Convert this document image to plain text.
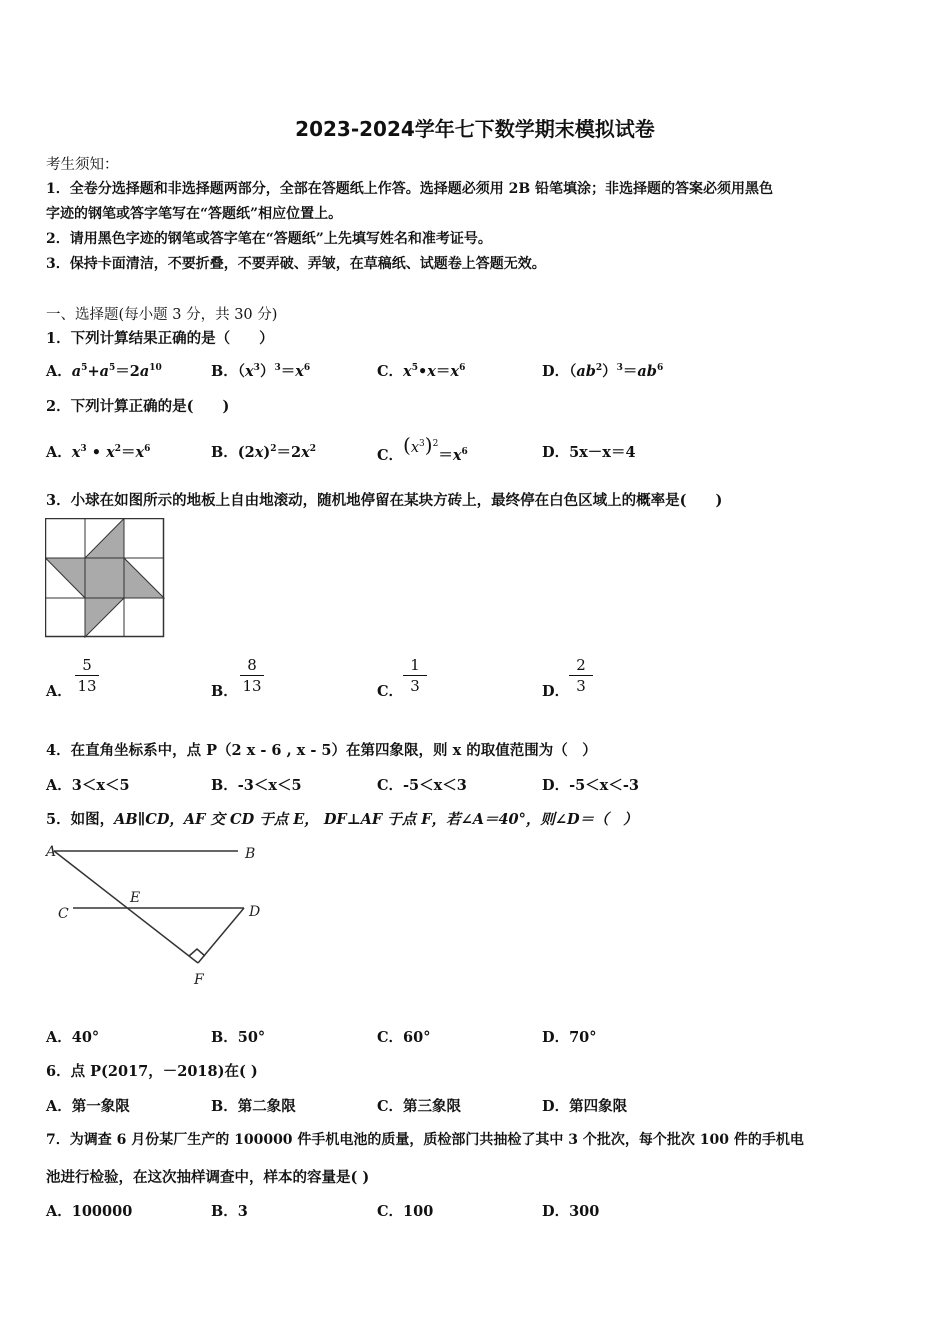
2023-2024学年七下数学期末模拟试卷
考生须知：
1．全卷分选择题和非选择题两部分，全部在答题纸上作答。选择题必须用 2B 铅笔填涂；非选择题的答案必须用黑色
字迹的钢笔或答字笔写在“答题纸”相应位置上。
2．请用黑色字迹的钢笔或答字笔在“答题纸”上先填写姓名和准考证号。
3．保持卡面清洁，不要折叠，不要弄破、弄皱，在草稿纸、试题卷上答题无效。
一、选择题(每小题 3 分，共 30 分)
1．下列计算结果正确的是（　　）
A．$a^5+a^5=2a^{10}$	B．$(x^3)^3=x^6$	C．$x^5•x=x^6$	D．$(ab^2)^3=ab^6$
2．下列计算正确的是(　　)
A．$x^3$ • $x^2=x^6$	B．$(2x)^2=2x^2$	C．$(x^3)^2=x^6$	D．5x－x＝4
3．小球在如图所示的地板上自由地滚动，随机地停留在某块方砖上，最终停在白色区域上的概率是(　　)
A． $\frac{5}{13}$	B． $\frac{8}{13}$	C． $\frac{1}{3}$	D． $\frac{2}{3}$
4．在直角坐标系中，点 P（2 x - 6 , x - 5）在第四象限，则 x 的取值范围为（　）
A．3＜x＜5	B．-3＜x＜5	C．-5＜x＜3	D．-5＜x＜-3
5．如图，AB∥CD，AF 交 CD 于点 E， DF⊥AF 于点 F，若∠A＝40°，则∠D＝（　）
A	B
C	D
E
F
A．40°	B．50°	C．60°	D．70°
6．点 P(2017，－2018)在( )
A．第一象限	B．第二象限	C．第三象限	D．第四象限
7．为调查 6 月份某厂生产的 100000 件手机电池的质量，质检部门共抽检了其中 3 个批次，每个批次 100 件的手机电
池进行检验，在这次抽样调查中，样本的容量是( )
A．100000	B．3	C．100	D．300
